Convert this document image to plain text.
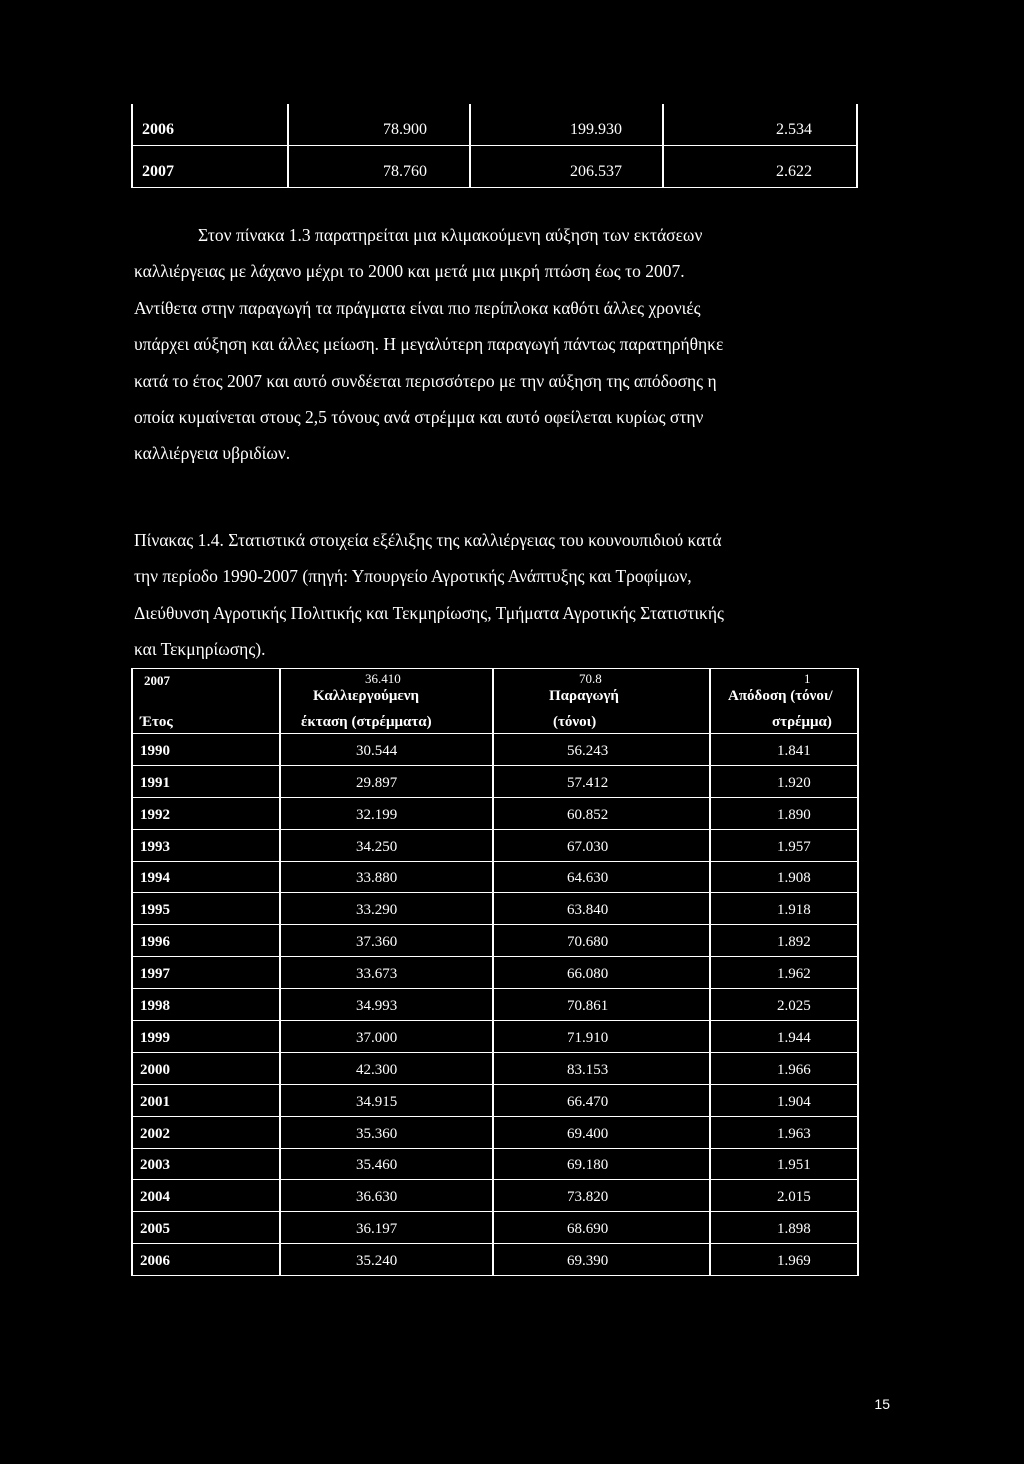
2006	78.900	199.930	2.534
2007	78.760	206.537	2.622
Στον πίνακα 1.3 παρατηρείται μια κλιμακούμενη αύξηση των εκτάσεων
καλλιέργειας με λάχανο μέχρι το 2000 και μετά μια μικρή πτώση έως το 2007.
Αντίθετα στην παραγωγή τα πράγματα είναι πιο περίπλοκα καθότι άλλες χρονιές
υπάρχει αύξηση και άλλες μείωση. Η μεγαλύτερη παραγωγή πάντως παρατηρήθηκε
κατά το έτος 2007 και αυτό συνδέεται περισσότερο με την αύξηση της απόδοσης η
οποία κυμαίνεται στους 2,5 τόνους ανά στρέμμα και αυτό οφείλεται κυρίως στην
καλλιέργεια υβριδίων.
Πίνακας 1.4. Στατιστικά στοιχεία εξέλιξης της καλλιέργειας του κουνουπιδιού κατά
την περίοδο 1990-2007 (πηγή: Υπουργείο Αγροτικής Ανάπτυξης και Τροφίμων,
Διεύθυνση Αγροτικής Πολιτικής και Τεκμηρίωσης, Τμήματα Αγροτικής Στατιστικής
και Τεκμηρίωσης).
2007	36.410	70.8	1
Καλλιεργούμενη	Παραγωγή	Απόδοση (τόνοι/
Έτος	έκταση (στρέμματα)	(τόνοι)	στρέμμα)
1990	30.544	56.243	1.841
1991	29.897	57.412	1.920
1992	32.199	60.852	1.890
1993	34.250	67.030	1.957
1994	33.880	64.630	1.908
1995	33.290	63.840	1.918
1996	37.360	70.680	1.892
1997	33.673	66.080	1.962
1998	34.993	70.861	2.025
1999	37.000	71.910	1.944
2000	42.300	83.153	1.966
2001	34.915	66.470	1.904
2002	35.360	69.400	1.963
2003	35.460	69.180	1.951
2004	36.630	73.820	2.015
2005	36.197	68.690	1.898
2006	35.240	69.390	1.969
15
